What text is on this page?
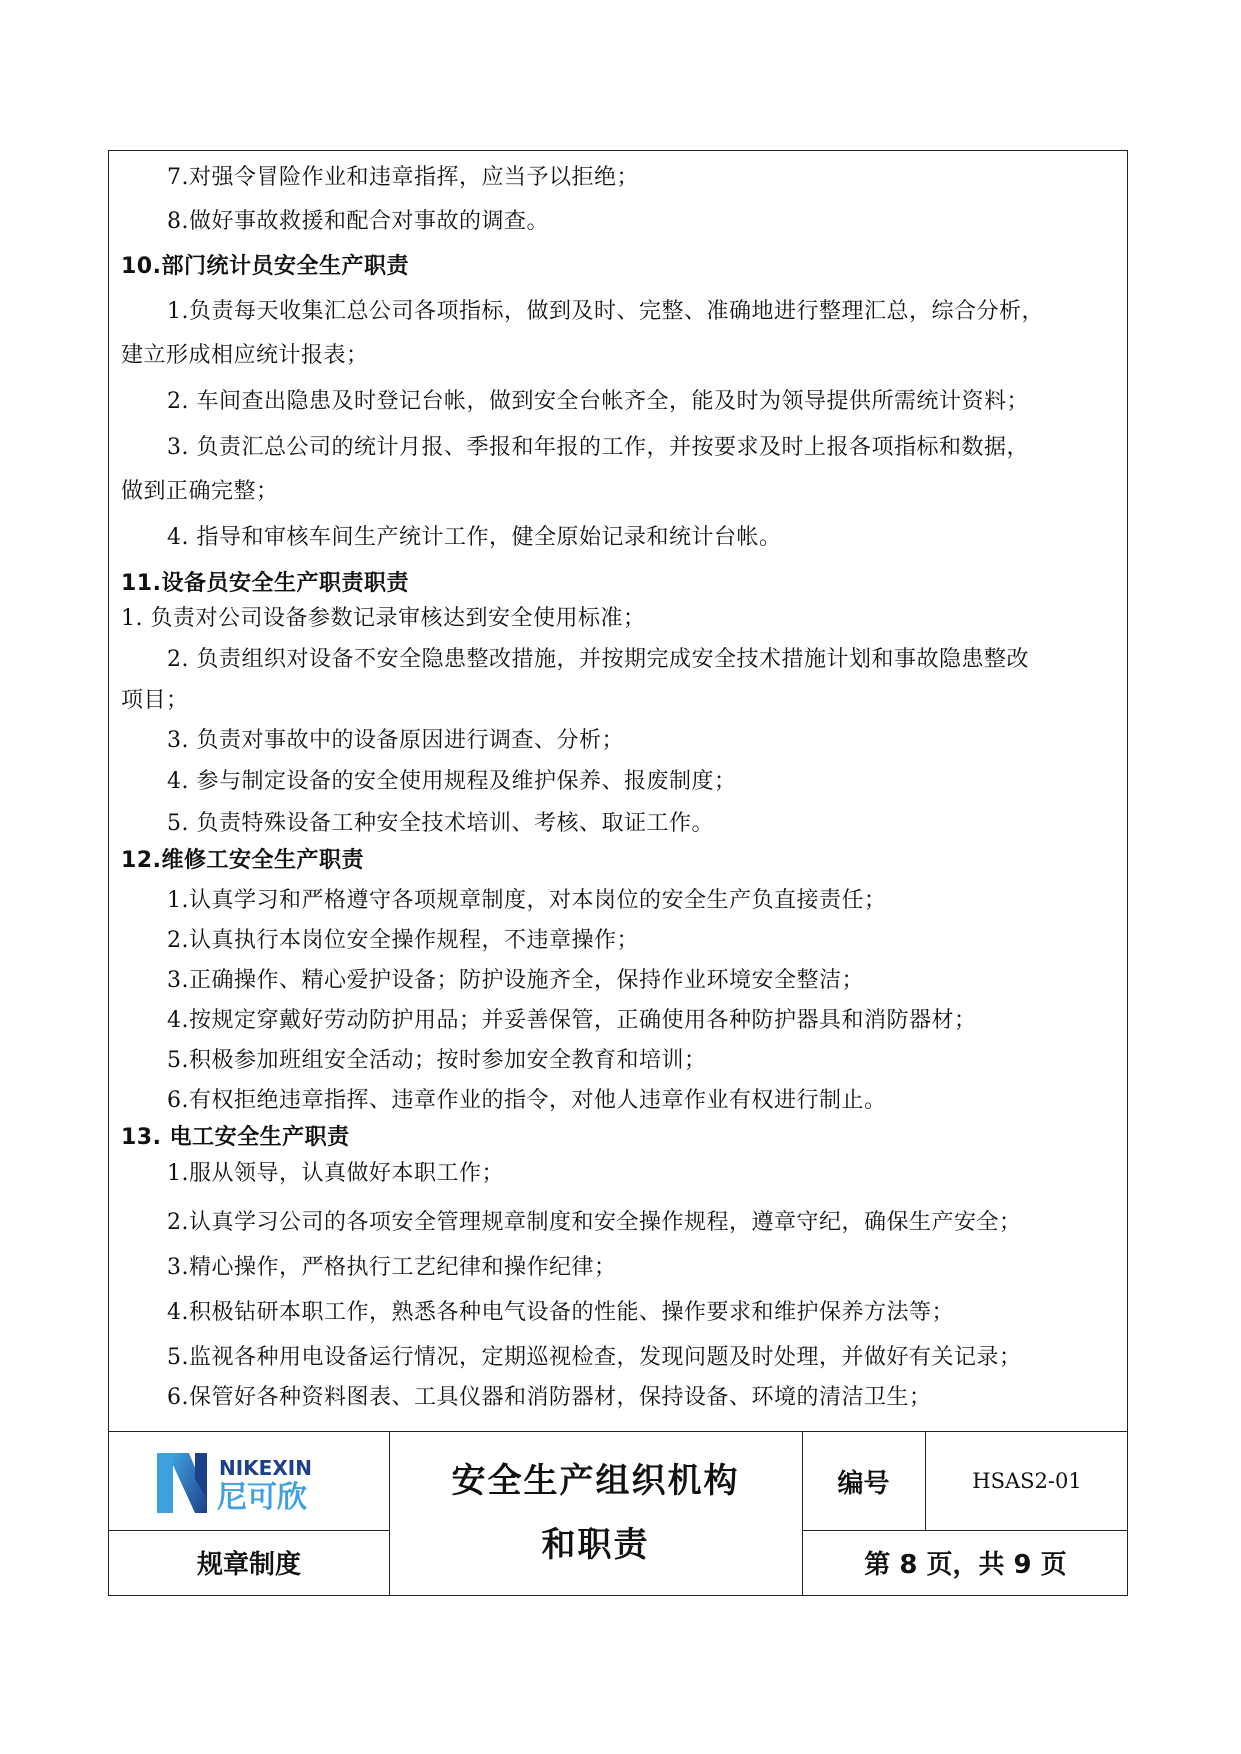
7.对强令冒险作业和违章指挥，应当予以拒绝；
8.做好事故救援和配合对事故的调查。
10.部门统计员安全生产职责
1.负责每天收集汇总公司各项指标，做到及时、完整、准确地进行整理汇总，综合分析，
建立形成相应统计报表；
2. 车间查出隐患及时登记台帐，做到安全台帐齐全，能及时为领导提供所需统计资料；
3. 负责汇总公司的统计月报、季报和年报的工作，并按要求及时上报各项指标和数据，
做到正确完整；
4. 指导和审核车间生产统计工作，健全原始记录和统计台帐。
11.设备员安全生产职责职责
1. 负责对公司设备参数记录审核达到安全使用标准；
2. 负责组织对设备不安全隐患整改措施，并按期完成安全技术措施计划和事故隐患整改
项目；
3. 负责对事故中的设备原因进行调查、分析；
4. 参与制定设备的安全使用规程及维护保养、报废制度；
5. 负责特殊设备工种安全技术培训、考核、取证工作。
12.维修工安全生产职责
1.认真学习和严格遵守各项规章制度，对本岗位的安全生产负直接责任；
2.认真执行本岗位安全操作规程，不违章操作；
3.正确操作、精心爱护设备；防护设施齐全，保持作业环境安全整洁；
4.按规定穿戴好劳动防护用品；并妥善保管，正确使用各种防护器具和消防器材；
5.积极参加班组安全活动；按时参加安全教育和培训；
6.有权拒绝违章指挥、违章作业的指令，对他人违章作业有权进行制止。
13. 电工安全生产职责
1.服从领导，认真做好本职工作；
2.认真学习公司的各项安全管理规章制度和安全操作规程，遵章守纪，确保生产安全；
3.精心操作，严格执行工艺纪律和操作纪律；
4.积极钻研本职工作，熟悉各种电气设备的性能、操作要求和维护保养方法等；
5.监视各种用电设备运行情况，定期巡视检查，发现问题及时处理，并做好有关记录；
6.保管好各种资料图表、工具仪器和消防器材，保持设备、环境的清洁卫生；
NIKEXIN
尼可欣
规章制度
安全生产组织机构
和职责
编号	HSAS2-01
第 8 页，共 9 页
